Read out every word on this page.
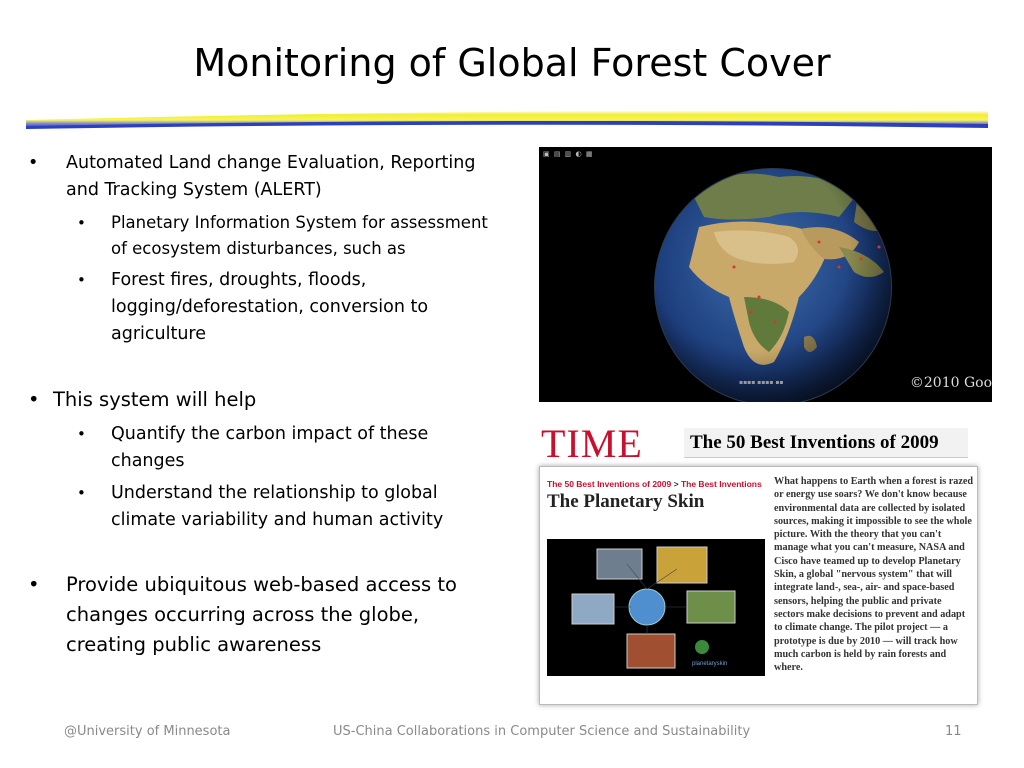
Monitoring of Global Forest Cover
• Automated Land change Evaluation, Reporting and Tracking System (ALERT)
• Planetary Information System for assessment of ecosystem disturbances, such as
• Forest fires, droughts, floods, logging/deforestation, conversion to agriculture
• This system will help
• Quantify the carbon impact of these changes
• Understand the relationship to global climate variability and human activity
• Provide ubiquitous web-based access to changes occurring across the globe, creating public awareness
▣ ▤ ▥ ◐ ▦
▪▪▪▪ ▪▪▪▪ ▪▪	©2010 Goo
TIME	The 50 Best Inventions of 2009
The 50 Best Inventions of 2009 > The Best Inventions
The Planetary Skin
planetaryskin
What happens to Earth when a forest is razed or energy use soars? We don't know because environmental data are collected by isolated sources, making it impossible to see the whole picture. With the theory that you can't manage what you can't measure, NASA and Cisco have teamed up to develop Planetary Skin, a global "nervous system" that will integrate land-, sea-, air- and space-based sensors, helping the public and private sectors make decisions to prevent and adapt to climate change. The pilot project — a prototype is due by 2010 — will track how much carbon is held by rain forests and where.
@University of Minnesota	US-China Collaborations in Computer Science and Sustainability	11
